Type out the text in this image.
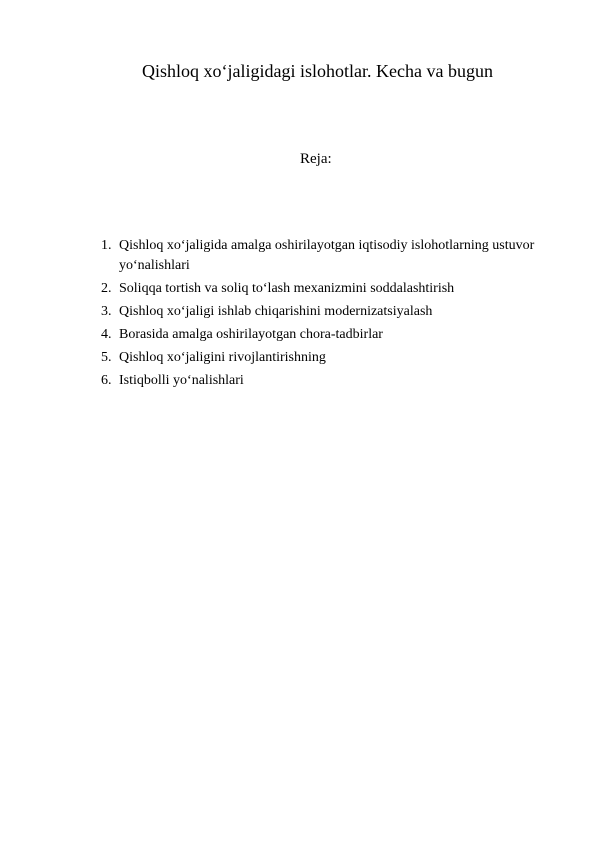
Qishloq xo‘jaligidagi islohotlar. Kecha va bugun
Reja:
1. Qishloq xo‘jaligida amalga oshirilayotgan iqtisodiy islohotlarning ustuvor yo‘nalishlari
2. Soliqqa tortish va soliq to‘lash mexanizmini soddalashtirish
3. Qishloq xo‘jaligi ishlab chiqarishini modernizatsiyalash
4. Borasida amalga oshirilayotgan chora-tadbirlar
5. Qishloq xo‘jaligini rivojlantirishning
6. Istiqbolli yo‘nalishlari
